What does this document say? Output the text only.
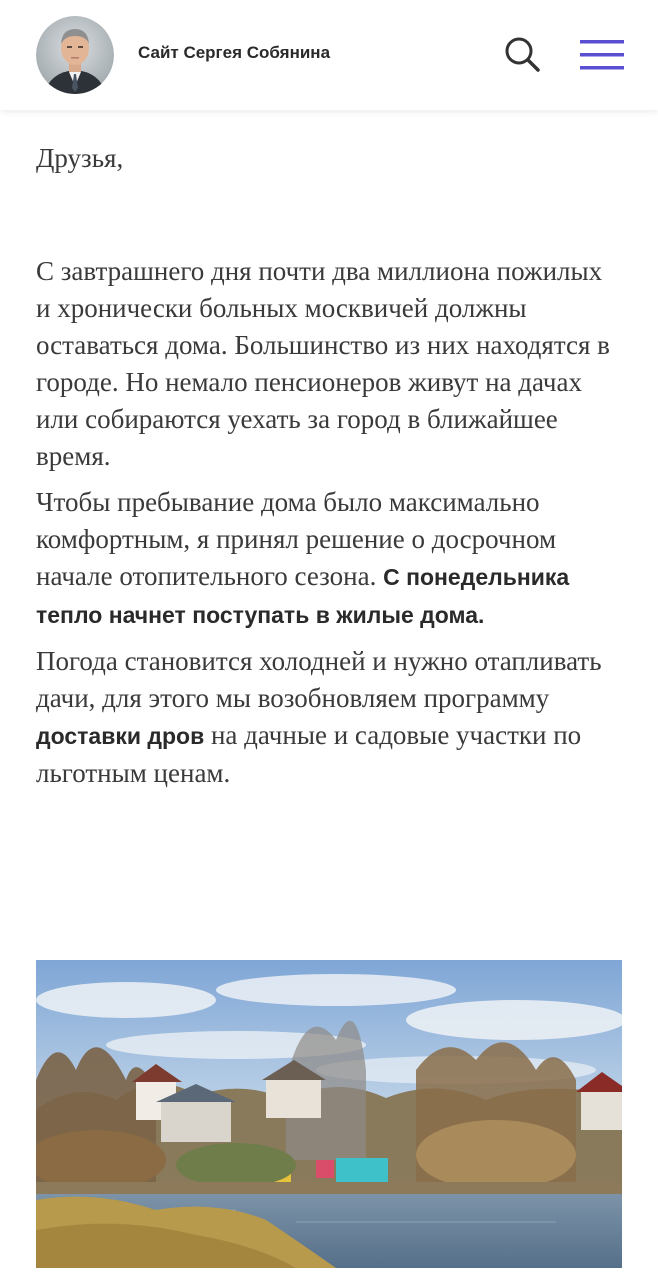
Сайт Сергея Собянина

Друзья,

С завтрашнего дня почти два миллиона пожилых и хронически больных москвичей должны оставаться дома. Большинство из них находятся в городе. Но немало пенсионеров живут на дачах или собираются уехать за город в ближайшее время.

Чтобы пребывание дома было максимально комфортным, я принял решение о досрочном начале отопительного сезона. С понедельника тепло начнет поступать в жилые дома.

Погода становится холодней и нужно отапливать дачи, для этого мы возобновляем программу доставки дров на дачные и садовые участки по льготным ценам.
